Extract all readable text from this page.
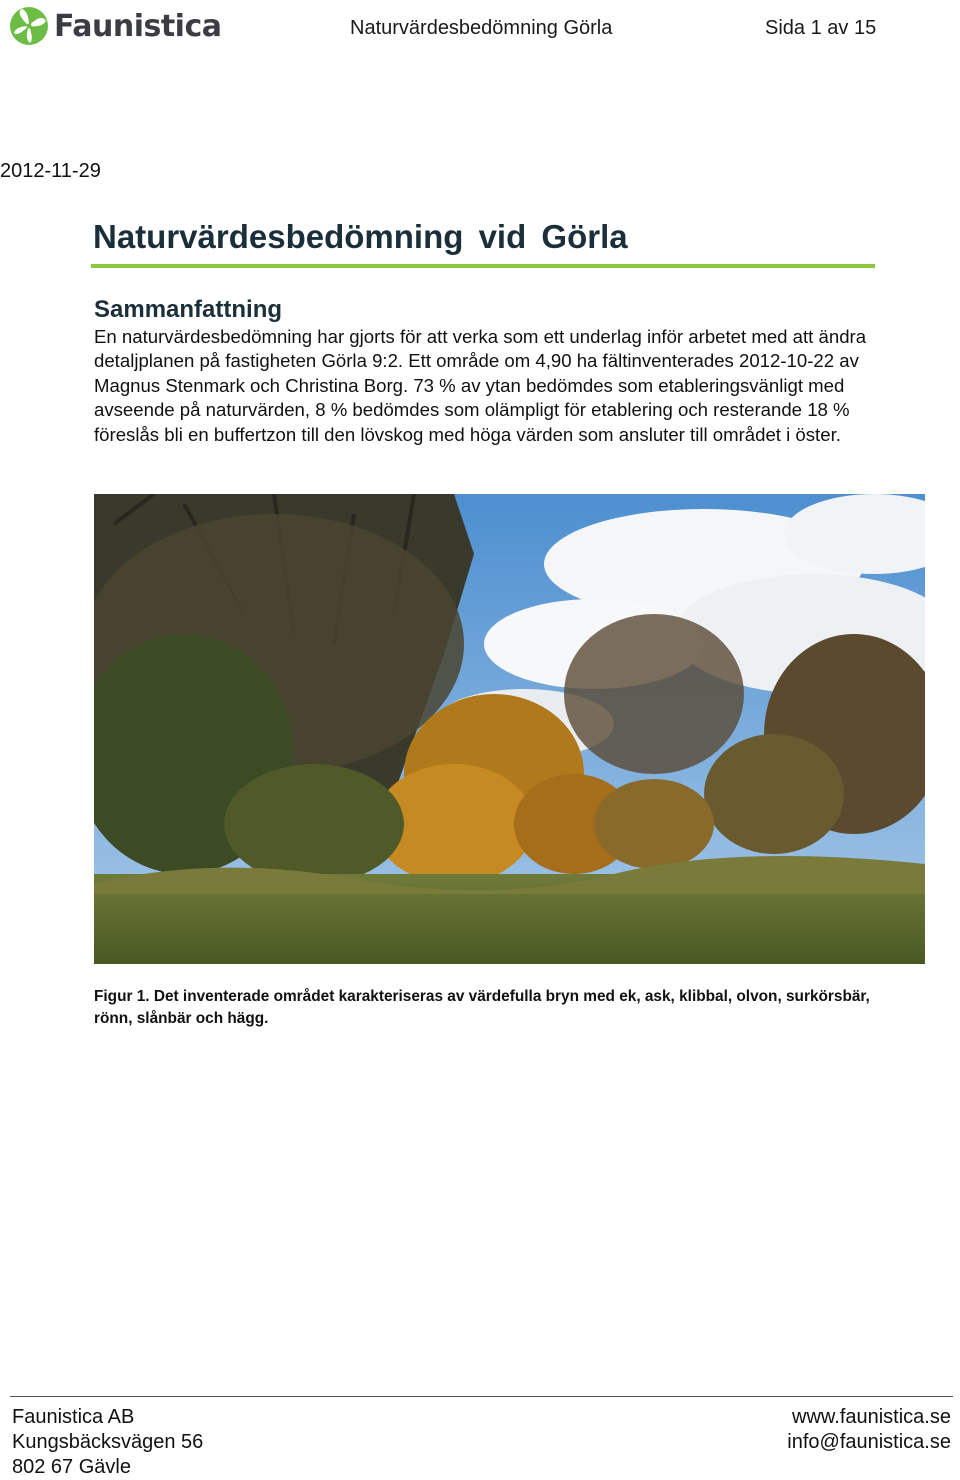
Faunistica	Naturvärdesbedömning Görla	Sida 1 av 15
2012-11-29
Naturvärdesbedömning vid Görla
Sammanfattning

En naturvärdesbedömning har gjorts för att verka som ett underlag inför arbetet med att ändra detaljplanen på fastigheten Görla 9:2. Ett område om 4,90 ha fältinventerades 2012-10-22 av Magnus Stenmark och Christina Borg. 73 % av ytan bedömdes som etableringsvänligt med avseende på naturvärden, 8 % bedömdes som olämpligt för etablering och resterande 18 % föreslås bli en buffertzon till den lövskog med höga värden som ansluter till området i öster.

Figur 1. Det inventerade området karakteriseras av värdefulla bryn med ek, ask, klibbal, olvon, surkörsbär, rönn, slånbär och hägg.

Faunistica AB
Kungsbäcksvägen 56
802 67 Gävle
www.faunistica.se
info@faunistica.se
